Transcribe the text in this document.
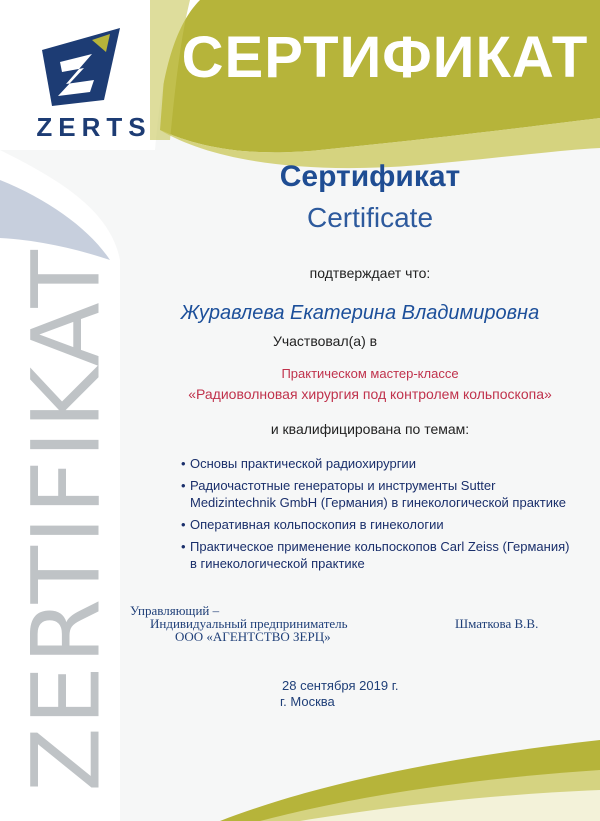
СЕРТИФИКАТ
ZERTS
ZERTIFIKAT
Сертификат
Certificate
подтверждает что:
Журавлева Екатерина Владимировна
Участвовал(а) в
Практическом мастер-классе
«Радиоволновая хирургия под контролем кольпоскопа»
и квалифицирована по темам:
• Основы практической радиохирургии
• Радиочастотные генераторы и инструменты Sutter Medizintechnik GmbH (Германия) в гинекологической практике
• Оперативная кольпоскопия в гинекологии
• Практическое применение кольпоскопов Carl Zeiss (Германия) в гинекологической практике
Управляющий –
Индивидуальный предприниматель
ООО «АГЕНТСТВО ЗЕРЦ»
Шматкова В.В.
28 сентября 2019 г.
г. Москва
